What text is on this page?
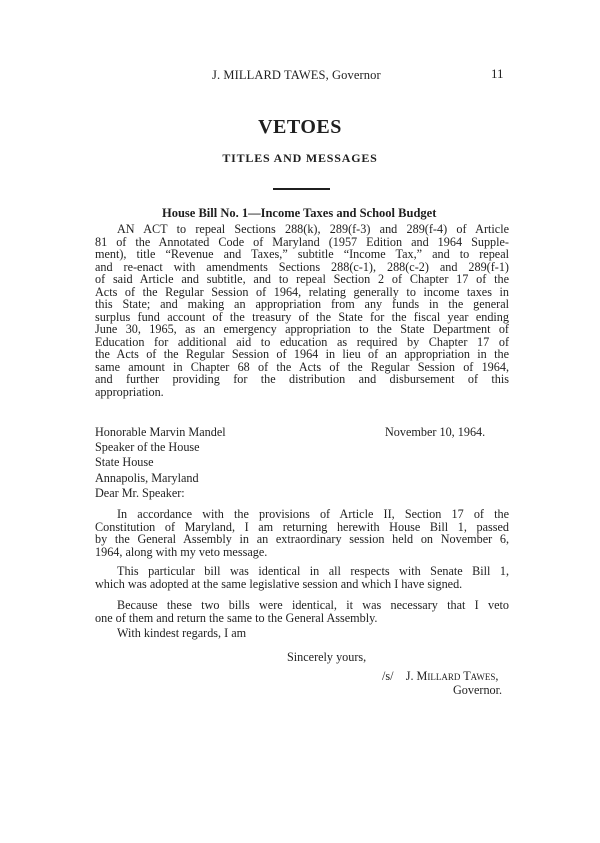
J. MILLARD TAWES, Governor	11
VETOES
TITLES AND MESSAGES
House Bill No. 1—Income Taxes and School Budget
AN ACT to repeal Sections 288(k), 289(f-3) and 289(f-4) of Article
81 of the Annotated Code of Maryland (1957 Edition and 1964 Supple-
ment), title “Revenue and Taxes,” subtitle “Income Tax,” and to repeal
and re-enact with amendments Sections 288(c-1), 288(c-2) and 289(f-1)
of said Article and subtitle, and to repeal Section 2 of Chapter 17 of the
Acts of the Regular Session of 1964, relating generally to income taxes in
this State; and making an appropriation from any funds in the general
surplus fund account of the treasury of the State for the fiscal year ending
June 30, 1965, as an emergency appropriation to the State Department of
Education for additional aid to education as required by Chapter 17 of
the Acts of the Regular Session of 1964 in lieu of an appropriation in the
same amount in Chapter 68 of the Acts of the Regular Session of 1964,
and further providing for the distribution and disbursement of this
appropriation.
Honorable Marvin Mandel
Speaker of the House
State House
Annapolis, Maryland
November 10, 1964.
Dear Mr. Speaker:
In accordance with the provisions of Article II, Section 17 of the
Constitution of Maryland, I am returning herewith House Bill 1, passed
by the General Assembly in an extraordinary session held on November 6,
1964, along with my veto message.
This particular bill was identical in all respects with Senate Bill 1,
which was adopted at the same legislative session and which I have signed.
Because these two bills were identical, it was necessary that I veto
one of them and return the same to the General Assembly.
With kindest regards, I am
Sincerely yours,
/s/ J. Millard Tawes,
Governor.
